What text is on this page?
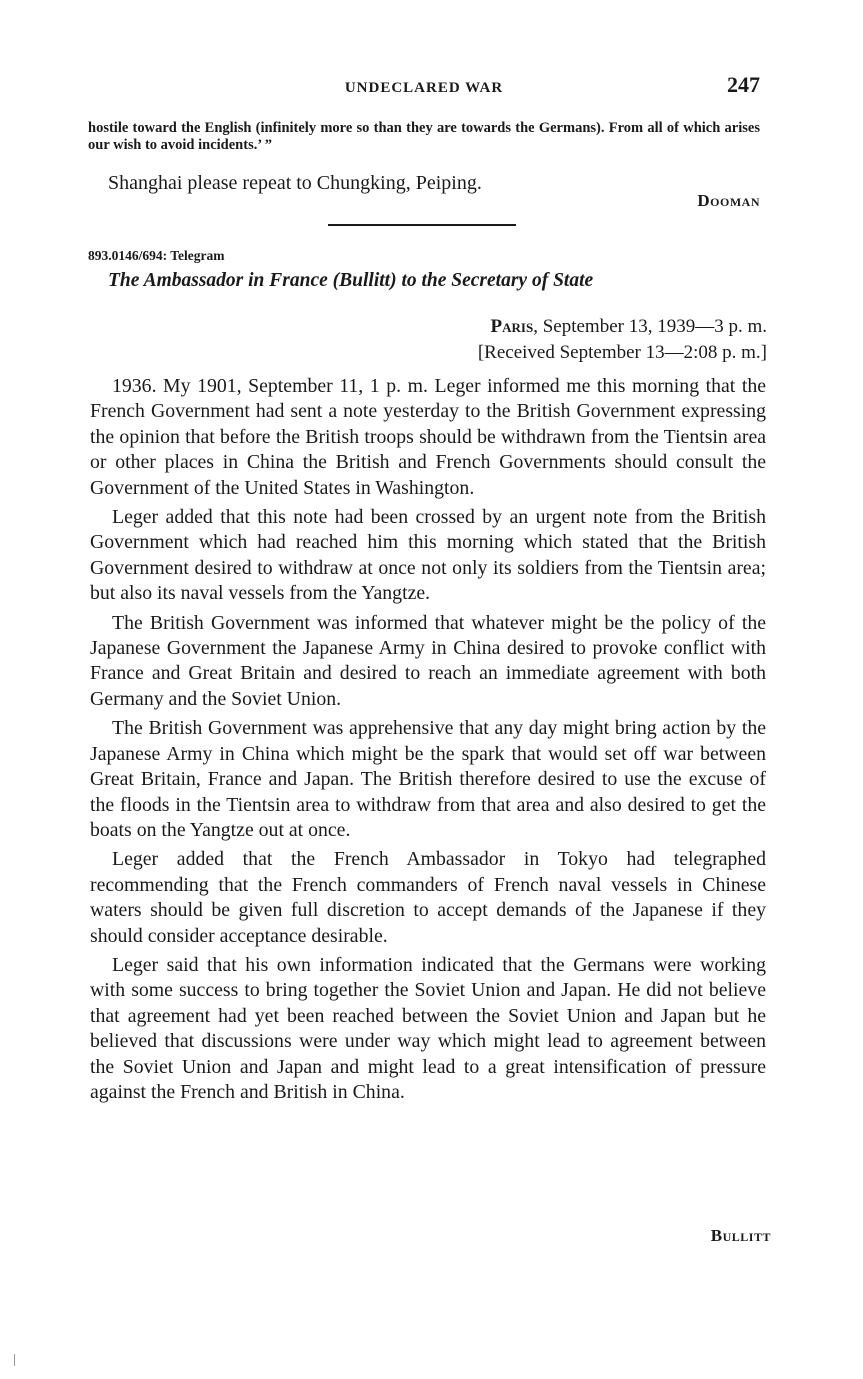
UNDECLARED WAR	247

hostile toward the English (infinitely more so than they are towards the Germans). From all of which arises our wish to avoid incidents.’ ”

Shanghai please repeat to Chungking, Peiping.
Dooman
893.0146/694: Telegram
The Ambassador in France (Bullitt) to the Secretary of State
Paris, September 13, 1939—3 p. m.
[Received September 13—2:08 p. m.]

1936. My 1901, September 11, 1 p. m. Leger informed me this morning that the French Government had sent a note yesterday to the British Government expressing the opinion that before the British troops should be withdrawn from the Tientsin area or other places in China the British and French Governments should consult the Government of the United States in Washington.

Leger added that this note had been crossed by an urgent note from the British Government which had reached him this morning which stated that the British Government desired to withdraw at once not only its soldiers from the Tientsin area; but also its naval vessels from the Yangtze.

The British Government was informed that whatever might be the policy of the Japanese Government the Japanese Army in China desired to provoke conflict with France and Great Britain and desired to reach an immediate agreement with both Germany and the Soviet Union.

The British Government was apprehensive that any day might bring action by the Japanese Army in China which might be the spark that would set off war between Great Britain, France and Japan. The British therefore desired to use the excuse of the floods in the Tientsin area to withdraw from that area and also desired to get the boats on the Yangtze out at once.

Leger added that the French Ambassador in Tokyo had telegraphed recommending that the French commanders of French naval vessels in Chinese waters should be given full discretion to accept demands of the Japanese if they should consider acceptance desirable.

Leger said that his own information indicated that the Germans were working with some success to bring together the Soviet Union and Japan. He did not believe that agreement had yet been reached between the Soviet Union and Japan but he believed that discussions were under way which might lead to agreement between the Soviet Union and Japan and might lead to a great intensification of pressure against the French and British in China.

Bullitt
